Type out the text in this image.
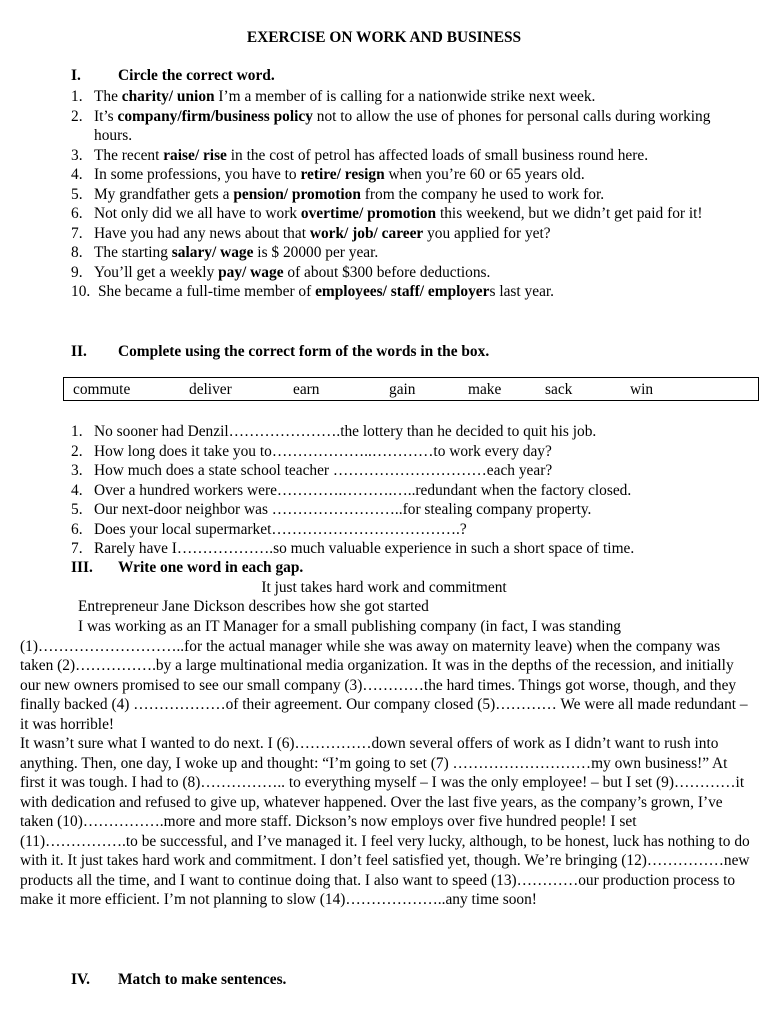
EXERCISE ON WORK AND BUSINESS
I. Circle the correct word.
1. The charity/ union I’m a member of is calling for a nationwide strike next week.
2. It’s company/firm/business policy not to allow the use of phones for personal calls during working hours.
3. The recent raise/ rise in the cost of petrol has affected loads of small business round here.
4. In some professions, you have to retire/ resign when you’re 60 or 65 years old.
5. My grandfather gets a pension/ promotion from the company he used to work for.
6. Not only did we all have to work overtime/ promotion this weekend, but we didn’t get paid for it!
7. Have you had any news about that work/ job/ career you applied for yet?
8. The starting salary/ wage is $ 20000 per year.
9. You’ll get a weekly pay/ wage of about $300 before deductions.
10. She became a full-time member of employees/ staff/ employers last year.
II. Complete using the correct form of the words in the box.
commute	deliver	earn	gain	make	sack	win
1. No sooner had Denzil………………….the lottery than he decided to quit his job.
2. How long does it take you to………………..…………to work every day?
3. How much does a state school teacher …………………………each year?
4. Over a hundred workers were………….……….…..redundant when the factory closed.
5. Our next-door neighbor was ……………………..for stealing company property.
6. Does your local supermarket……………………………….?
7. Rarely have I……………….so much valuable experience in such a short space of time.
III. Write one word in each gap.
It just takes hard work and commitment
Entrepreneur Jane Dickson describes how she got started

I was working as an IT Manager for a small publishing company (in fact, I was standing (1)………………………..for the actual manager while she was away on maternity leave) when the company was taken (2)…………….by a large multinational media organization. It was in the depths of the recession, and initially our new owners promised to see our small company (3)…………the hard times. Things got worse, though, and they finally backed (4) ………………of their agreement. Our company closed (5)………… We were all made redundant – it was horrible!

It wasn’t sure what I wanted to do next. I (6)……………down several offers of work as I didn’t want to rush into anything. Then, one day, I woke up and thought: “I’m going to set (7) ………………………my own business!” At first it was tough. I had to (8)…………….. to everything myself – I was the only employee! – but I set (9)…………it with dedication and refused to give up, whatever happened. Over the last five years, as the company’s grown, I’ve taken (10)…………….more and more staff. Dickson’s now employs over five hundred people! I set (11)…………….to be successful, and I’ve managed it. I feel very lucky, although, to be honest, luck has nothing to do with it. It just takes hard work and commitment. I don’t feel satisfied yet, though. We’re bringing (12)……………new products all the time, and I want to continue doing that. I also want to speed (13)…………our production process to make it more efficient. I’m not planning to slow (14)………………..any time soon!

IV. Match to make sentences.
